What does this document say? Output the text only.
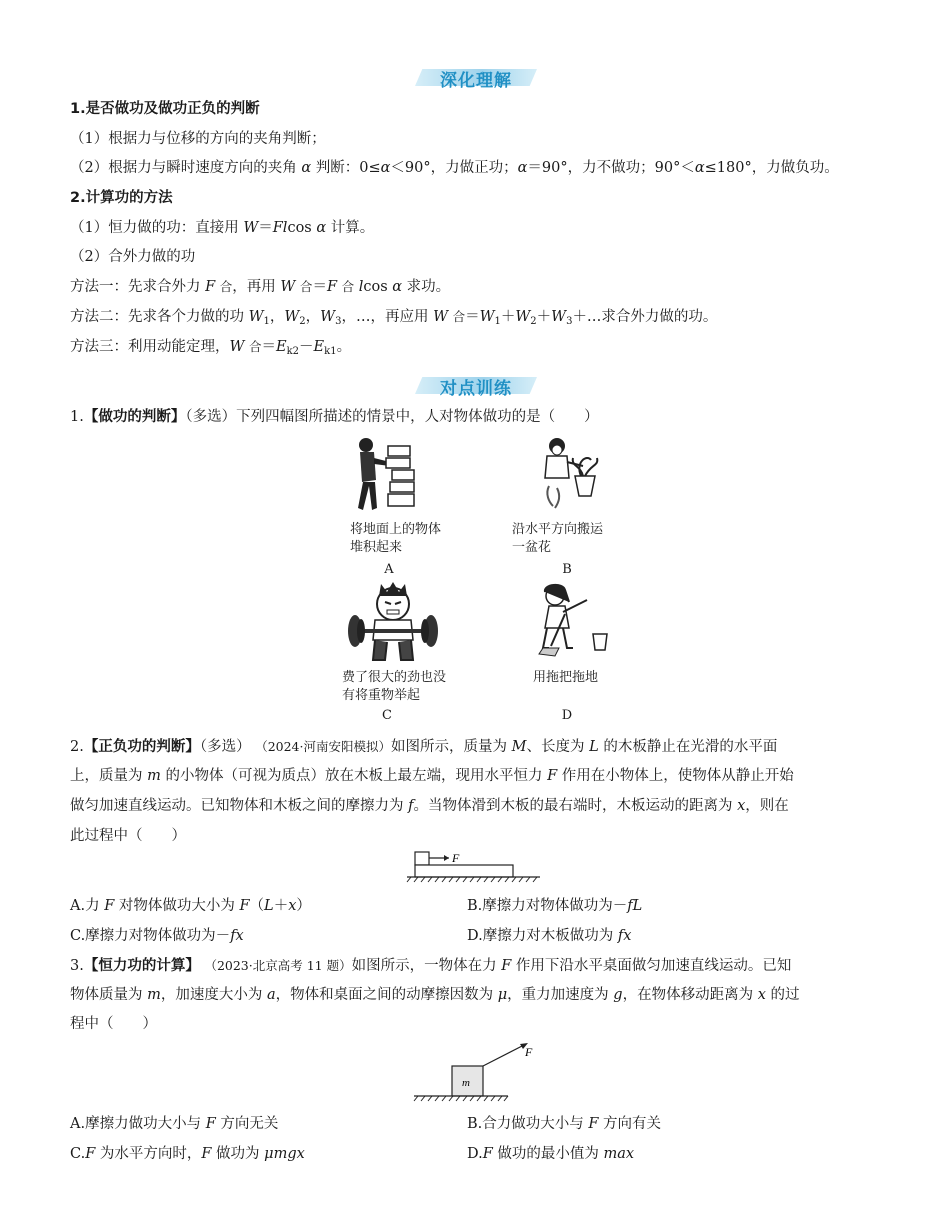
深化理解
1.是否做功及做功正负的判断
（1）根据力与位移的方向的夹角判断；
（2）根据力与瞬时速度方向的夹角 α 判断：0≤α＜90°，力做正功；α＝90°，力不做功；90°＜α≤180°，力做负功。
2.计算功的方法
（1）恒力做的功：直接用 W＝Flcos α 计算。
（2）合外力做的功
方法一：先求合外力 F 合，再用 W 合＝F 合 lcos α 求功。
方法二：先求各个力做的功 $W_1$，$W_2$，$W_3$，…，再应用 W 合$=W_1+W_2+W_3+\dots$求合外力做的功。
方法三：利用动能定理，W 合$=E_{k2}-E_{k1}$。
对点训练
1.【做功的判断】（多选）下列四幅图所描述的情景中，人对物体做功的是（　　）
将地面上的物体
堆积起来
A
沿水平方向搬运
一盆花
B
费了很大的劲也没
有将重物举起
C
用拖把拖地
D
2.【正负功的判断】（多选） （2024·河南安阳模拟）如图所示，质量为 M、长度为 L 的木板静止在光滑的水平面
上，质量为 m 的小物体（可视为质点）放在木板上最左端，现用水平恒力 F 作用在小物体上，使物体从静止开始
做匀加速直线运动。已知物体和木板之间的摩擦力为 f。当物体滑到木板的最右端时，木板运动的距离为 x，则在
此过程中（　　）
F
A.力 F 对物体做功大小为 F（L＋x）	B.摩擦力对物体做功为－fL
C.摩擦力对物体做功为－fx	D.摩擦力对木板做功为 fx
3.【恒力功的计算】 （2023·北京高考 11 题）如图所示，一物体在力 F 作用下沿水平桌面做匀加速直线运动。已知
物体质量为 m，加速度大小为 a，物体和桌面之间的动摩擦因数为 μ，重力加速度为 g，在物体移动距离为 x 的过
程中（　　）
m
F
A.摩擦力做功大小与 F 方向无关	B.合力做功大小与 F 方向有关
C.F 为水平方向时，F 做功为 μmgx	D.F 做功的最小值为 max
